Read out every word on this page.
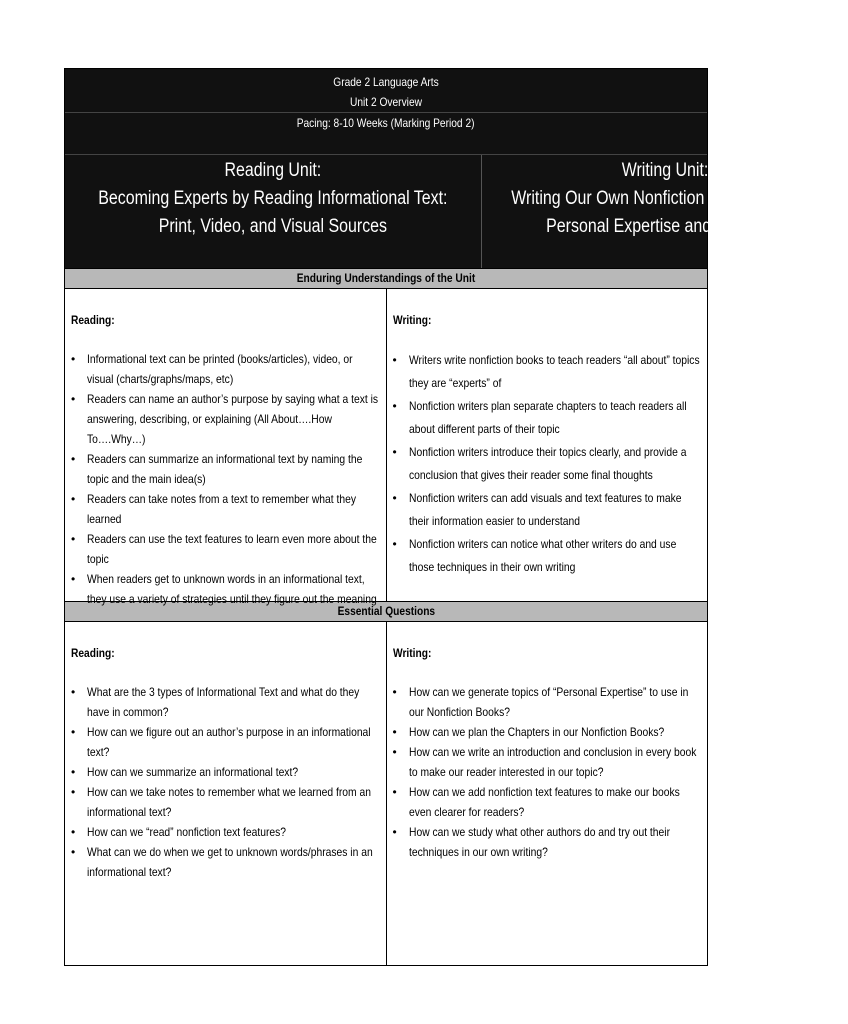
Grade 2 Language Arts
Unit 2 Overview
Pacing: 8-10 Weeks (Marking Period 2)
Reading Unit:
Becoming Experts by Reading Informational Text:
Print, Video, and Visual Sources
Writing Unit:
Writing Our Own Nonfiction Chapter Books:
Personal Expertise and Research
Enduring Understandings of the Unit
Reading:
• Informational text can be printed (books/articles), video, or visual (charts/graphs/maps, etc)
• Readers can name an author’s purpose by saying what a text is answering, describing, or explaining (All About….How To….Why…)
• Readers can summarize an informational text by naming the topic and the main idea(s)
• Readers can take notes from a text to remember what they learned
• Readers can use the text features to learn even more about the topic
• When readers get to unknown words in an informational text, they use a variety of strategies until they figure out the meaning
Writing:
• Writers write nonfiction books to teach readers “all about” topics they are “experts” of
• Nonfiction writers plan separate chapters to teach readers all about different parts of their topic
• Nonfiction writers introduce their topics clearly, and provide a conclusion that gives their reader some final thoughts
• Nonfiction writers can add visuals and text features to make their information easier to understand
• Nonfiction writers can notice what other writers do and use those techniques in their own writing
Essential Questions
Reading:
• What are the 3 types of Informational Text and what do they have in common?
• How can we figure out an author’s purpose in an informational text?
• How can we summarize an informational text?
• How can we take notes to remember what we learned from an informational text?
• How can we “read” nonfiction text features?
• What can we do when we get to unknown words/phrases in an informational text?
Writing:
• How can we generate topics of “Personal Expertise” to use in our Nonfiction Books?
• How can we plan the Chapters in our Nonfiction Books?
• How can we write an introduction and conclusion in every book to make our reader interested in our topic?
• How can we add nonfiction text features to make our books even clearer for readers?
• How can we study what other authors do and try out their techniques in our own writing?
